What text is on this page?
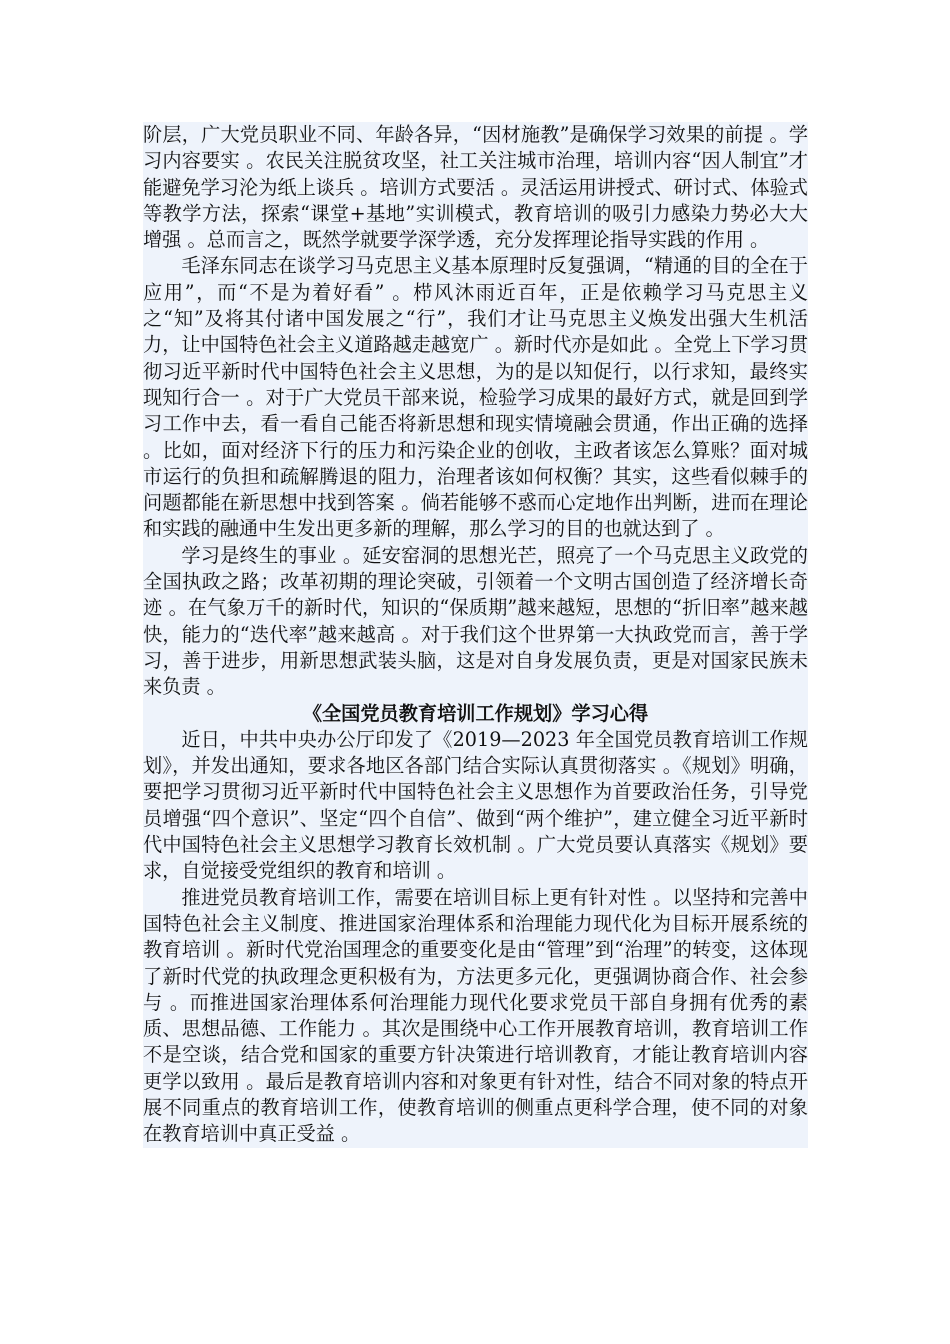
阶层，广大党员职业不同、年龄各异，“因材施教”是确保学习效果的前提 。学习内容要实 。农民关注脱贫攻坚，社工关注城市治理，培训内容“因人制宜”才能避免学习沦为纸上谈兵 。培训方式要活 。灵活运用讲授式、研讨式、体验式等教学方法，探索“课堂+基地”实训模式，教育培训的吸引力感染力势必大大增强 。总而言之，既然学就要学深学透，充分发挥理论指导实践的作用 。

毛泽东同志在谈学习马克思主义基本原理时反复强调，“精通的目的全在于应用”，而“不是为着好看” 。栉风沐雨近百年，正是依赖学习马克思主义之“知”及将其付诸中国发展之“行”，我们才让马克思主义焕发出强大生机活力，让中国特色社会主义道路越走越宽广 。新时代亦是如此 。全党上下学习贯彻习近平新时代中国特色社会主义思想，为的是以知促行，以行求知，最终实现知行合一 。对于广大党员干部来说，检验学习成果的最好方式，就是回到学习工作中去，看一看自己能否将新思想和现实情境融会贯通，作出正确的选择 。比如，面对经济下行的压力和污染企业的创收，主政者该怎么算账？面对城市运行的负担和疏解腾退的阻力，治理者该如何权衡？其实，这些看似棘手的问题都能在新思想中找到答案 。倘若能够不惑而心定地作出判断，进而在理论和实践的融通中生发出更多新的理解，那么学习的目的也就达到了 。

学习是终生的事业 。延安窑洞的思想光芒，照亮了一个马克思主义政党的全国执政之路；改革初期的理论突破，引领着一个文明古国创造了经济增长奇迹 。在气象万千的新时代，知识的“保质期”越来越短，思想的“折旧率”越来越快，能力的“迭代率”越来越高 。对于我们这个世界第一大执政党而言，善于学习，善于进步，用新思想武装头脑，这是对自身发展负责，更是对国家民族未来负责 。

《全国党员教育培训工作规划》学习心得

近日，中共中央办公厅印发了《2019—2023 年全国党员教育培训工作规划》，并发出通知，要求各地区各部门结合实际认真贯彻落实 。《规划》明确，要把学习贯彻习近平新时代中国特色社会主义思想作为首要政治任务，引导党员增强“四个意识”、坚定“四个自信”、做到“两个维护”，建立健全习近平新时代中国特色社会主义思想学习教育长效机制 。广大党员要认真落实《规划》要求，自觉接受党组织的教育和培训 。

推进党员教育培训工作，需要在培训目标上更有针对性 。以坚持和完善中国特色社会主义制度、推进国家治理体系和治理能力现代化为目标开展系统的教育培训 。新时代党治国理念的重要变化是由“管理”到“治理”的转变，这体现了新时代党的执政理念更积极有为，方法更多元化，更强调协商合作、社会参与 。而推进国家治理体系何治理能力现代化要求党员干部自身拥有优秀的素质、思想品德、工作能力 。其次是围绕中心工作开展教育培训，教育培训工作不是空谈，结合党和国家的重要方针决策进行培训教育，才能让教育培训内容更学以致用 。最后是教育培训内容和对象更有针对性，结合不同对象的特点开展不同重点的教育培训工作，使教育培训的侧重点更科学合理，使不同的对象在教育培训中真正受益 。
